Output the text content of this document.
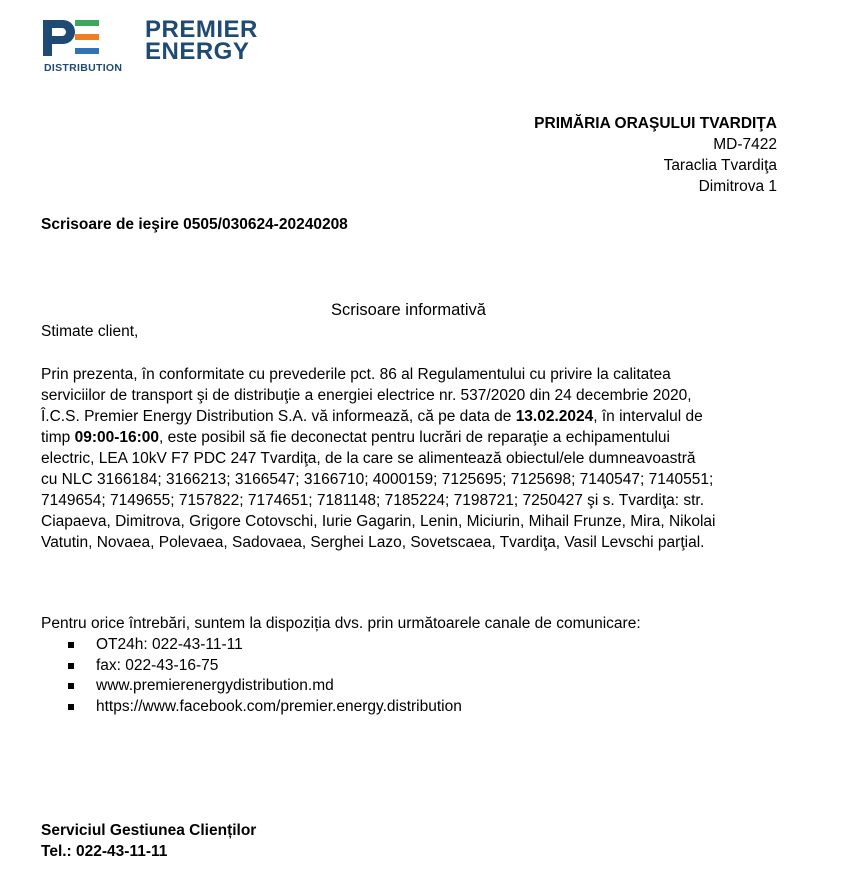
DISTRIBUTION
PREMIER
ENERGY
PRIMĂRIA ORAŞULUI TVARDIŢA
MD-7422
Taraclia Tvardiţa
Dimitrova 1
Scrisoare de ieşire 0505/030624-20240208
Scrisoare informativă
Stimate client,
Prin prezenta, în conformitate cu prevederile pct. 86 al Regulamentului cu privire la calitatea
serviciilor de transport şi de distribuţie a energiei electrice nr. 537/2020 din 24 decembrie 2020,
Î.C.S. Premier Energy Distribution S.A. vă informează, că pe data de 13.02.2024, în intervalul de
timp 09:00-16:00, este posibil să fie deconectat pentru lucrări de reparaţie a echipamentului
electric, LEA 10kV F7 PDC 247 Tvardiţa, de la care se alimentează obiectul/ele dumneavoastră
cu NLC 3166184; 3166213; 3166547; 3166710; 4000159; 7125695; 7125698; 7140547; 7140551;
7149654; 7149655; 7157822; 7174651; 7181148; 7185224; 7198721; 7250427 şi s. Tvardiţa: str.
Ciapaeva, Dimitrova, Grigore Cotovschi, Iurie Gagarin, Lenin, Miciurin, Mihail Frunze, Mira, Nikolai
Vatutin, Novaea, Polevaea, Sadovaea, Serghei Lazo, Sovetscaea, Tvardiţa, Vasil Levschi parţial.
Pentru orice întrebări, suntem la dispoziția dvs. prin următoarele canale de comunicare:
OT24h: 022-43-11-11
fax: 022-43-16-75
www.premierenergydistribution.md
https://www.facebook.com/premier.energy.distribution
Serviciul Gestiunea Clienților
Tel.: 022-43-11-11
